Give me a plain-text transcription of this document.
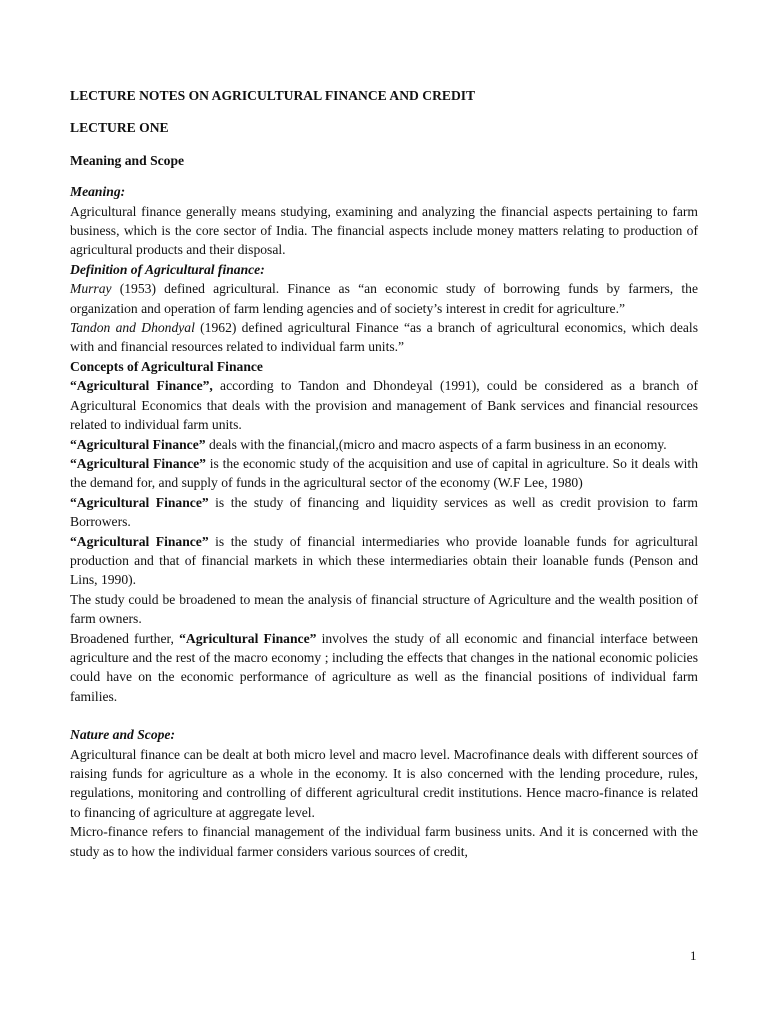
LECTURE NOTES ON AGRICULTURAL FINANCE AND CREDIT
LECTURE ONE
Meaning and Scope
Meaning:

Agricultural finance generally means studying, examining and analyzing the financial aspects pertaining to farm business, which is the core sector of India. The financial aspects include money matters relating to production of agricultural products and their disposal.

Definition of Agricultural finance:

Murray (1953) defined agricultural. Finance as “an economic study of borrowing funds by farmers, the organization and operation of farm lending agencies and of society’s interest in credit for agriculture.”

Tandon and Dhondyal (1962) defined agricultural Finance “as a branch of agricultural economics, which deals with and financial resources related to individual farm units.”

Concepts of Agricultural Finance

“Agricultural Finance”, according to Tandon and Dhondeyal (1991), could be considered as a branch of Agricultural Economics that deals with the provision and management of Bank services and financial resources related to individual farm units.

“Agricultural Finance” deals with the financial,(micro and macro aspects of a farm business in an economy.

“Agricultural Finance” is the economic study of the acquisition and use of capital in agriculture. So it deals with the demand for, and supply of funds in the agricultural sector of the economy (W.F Lee, 1980)

“Agricultural Finance” is the study of financing and liquidity services as well as credit provision to farm Borrowers.

“Agricultural Finance” is the study of financial intermediaries who provide loanable funds for agricultural production and that of financial markets in which these intermediaries obtain their loanable funds (Penson and Lins, 1990).

The study could be broadened to mean the analysis of financial structure of Agriculture and the wealth position of farm owners.

Broadened further, “Agricultural Finance” involves the study of all economic and financial interface between agriculture and the rest of the macro economy ; including the effects that changes in the national economic policies could have on the economic performance of agriculture as well as the financial positions of individual farm families.

Nature and Scope:

Agricultural finance can be dealt at both micro level and macro level. Macrofinance deals with different sources of raising funds for agriculture as a whole in the economy. It is also concerned with the lending procedure, rules, regulations, monitoring and controlling of different agricultural credit institutions. Hence macro-finance is related to financing of agriculture at aggregate level.

Micro-finance refers to financial management of the individual farm business units. And it is concerned with the study as to how the individual farmer considers various sources of credit,

1
